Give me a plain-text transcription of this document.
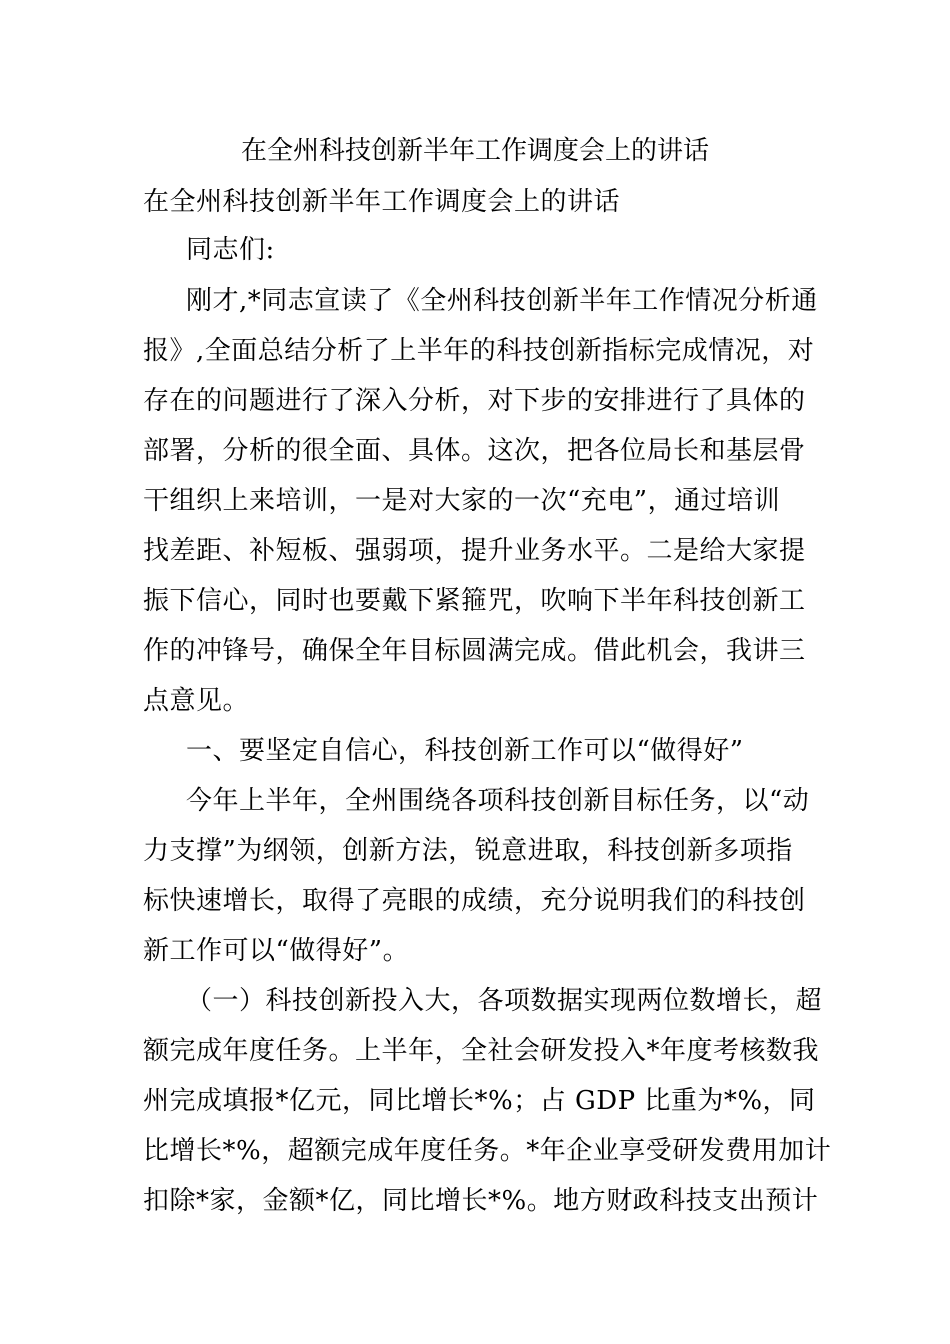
在全州科技创新半年工作调度会上的讲话
在全州科技创新半年工作调度会上的讲话
同志们:
刚才,*同志宣读了《全州科技创新半年工作情况分析通
报》,全面总结分析了上半年的科技创新指标完成情况，对
存在的问题进行了深入分析，对下步的安排进行了具体的
部署，分析的很全面、具体。这次，把各位局长和基层骨
干组织上来培训，一是对大家的一次“充电”，通过培训
找差距、补短板、强弱项，提升业务水平。二是给大家提
振下信心，同时也要戴下紧箍咒，吹响下半年科技创新工
作的冲锋号，确保全年目标圆满完成。借此机会，我讲三
点意见。
一、要坚定自信心，科技创新工作可以“做得好”
今年上半年，全州围绕各项科技创新目标任务，以“动
力支撑”为纲领，创新方法，锐意进取，科技创新多项指
标快速增长，取得了亮眼的成绩，充分说明我们的科技创
新工作可以“做得好”。
（一）科技创新投入大，各项数据实现两位数增长，超
额完成年度任务。上半年，全社会研发投入*年度考核数我
州完成填报*亿元，同比增长*%；占 GDP 比重为*%，同
比增长*%，超额完成年度任务。*年企业享受研发费用加计
扣除*家，金额*亿，同比增长*%。地方财政科技支出预计
